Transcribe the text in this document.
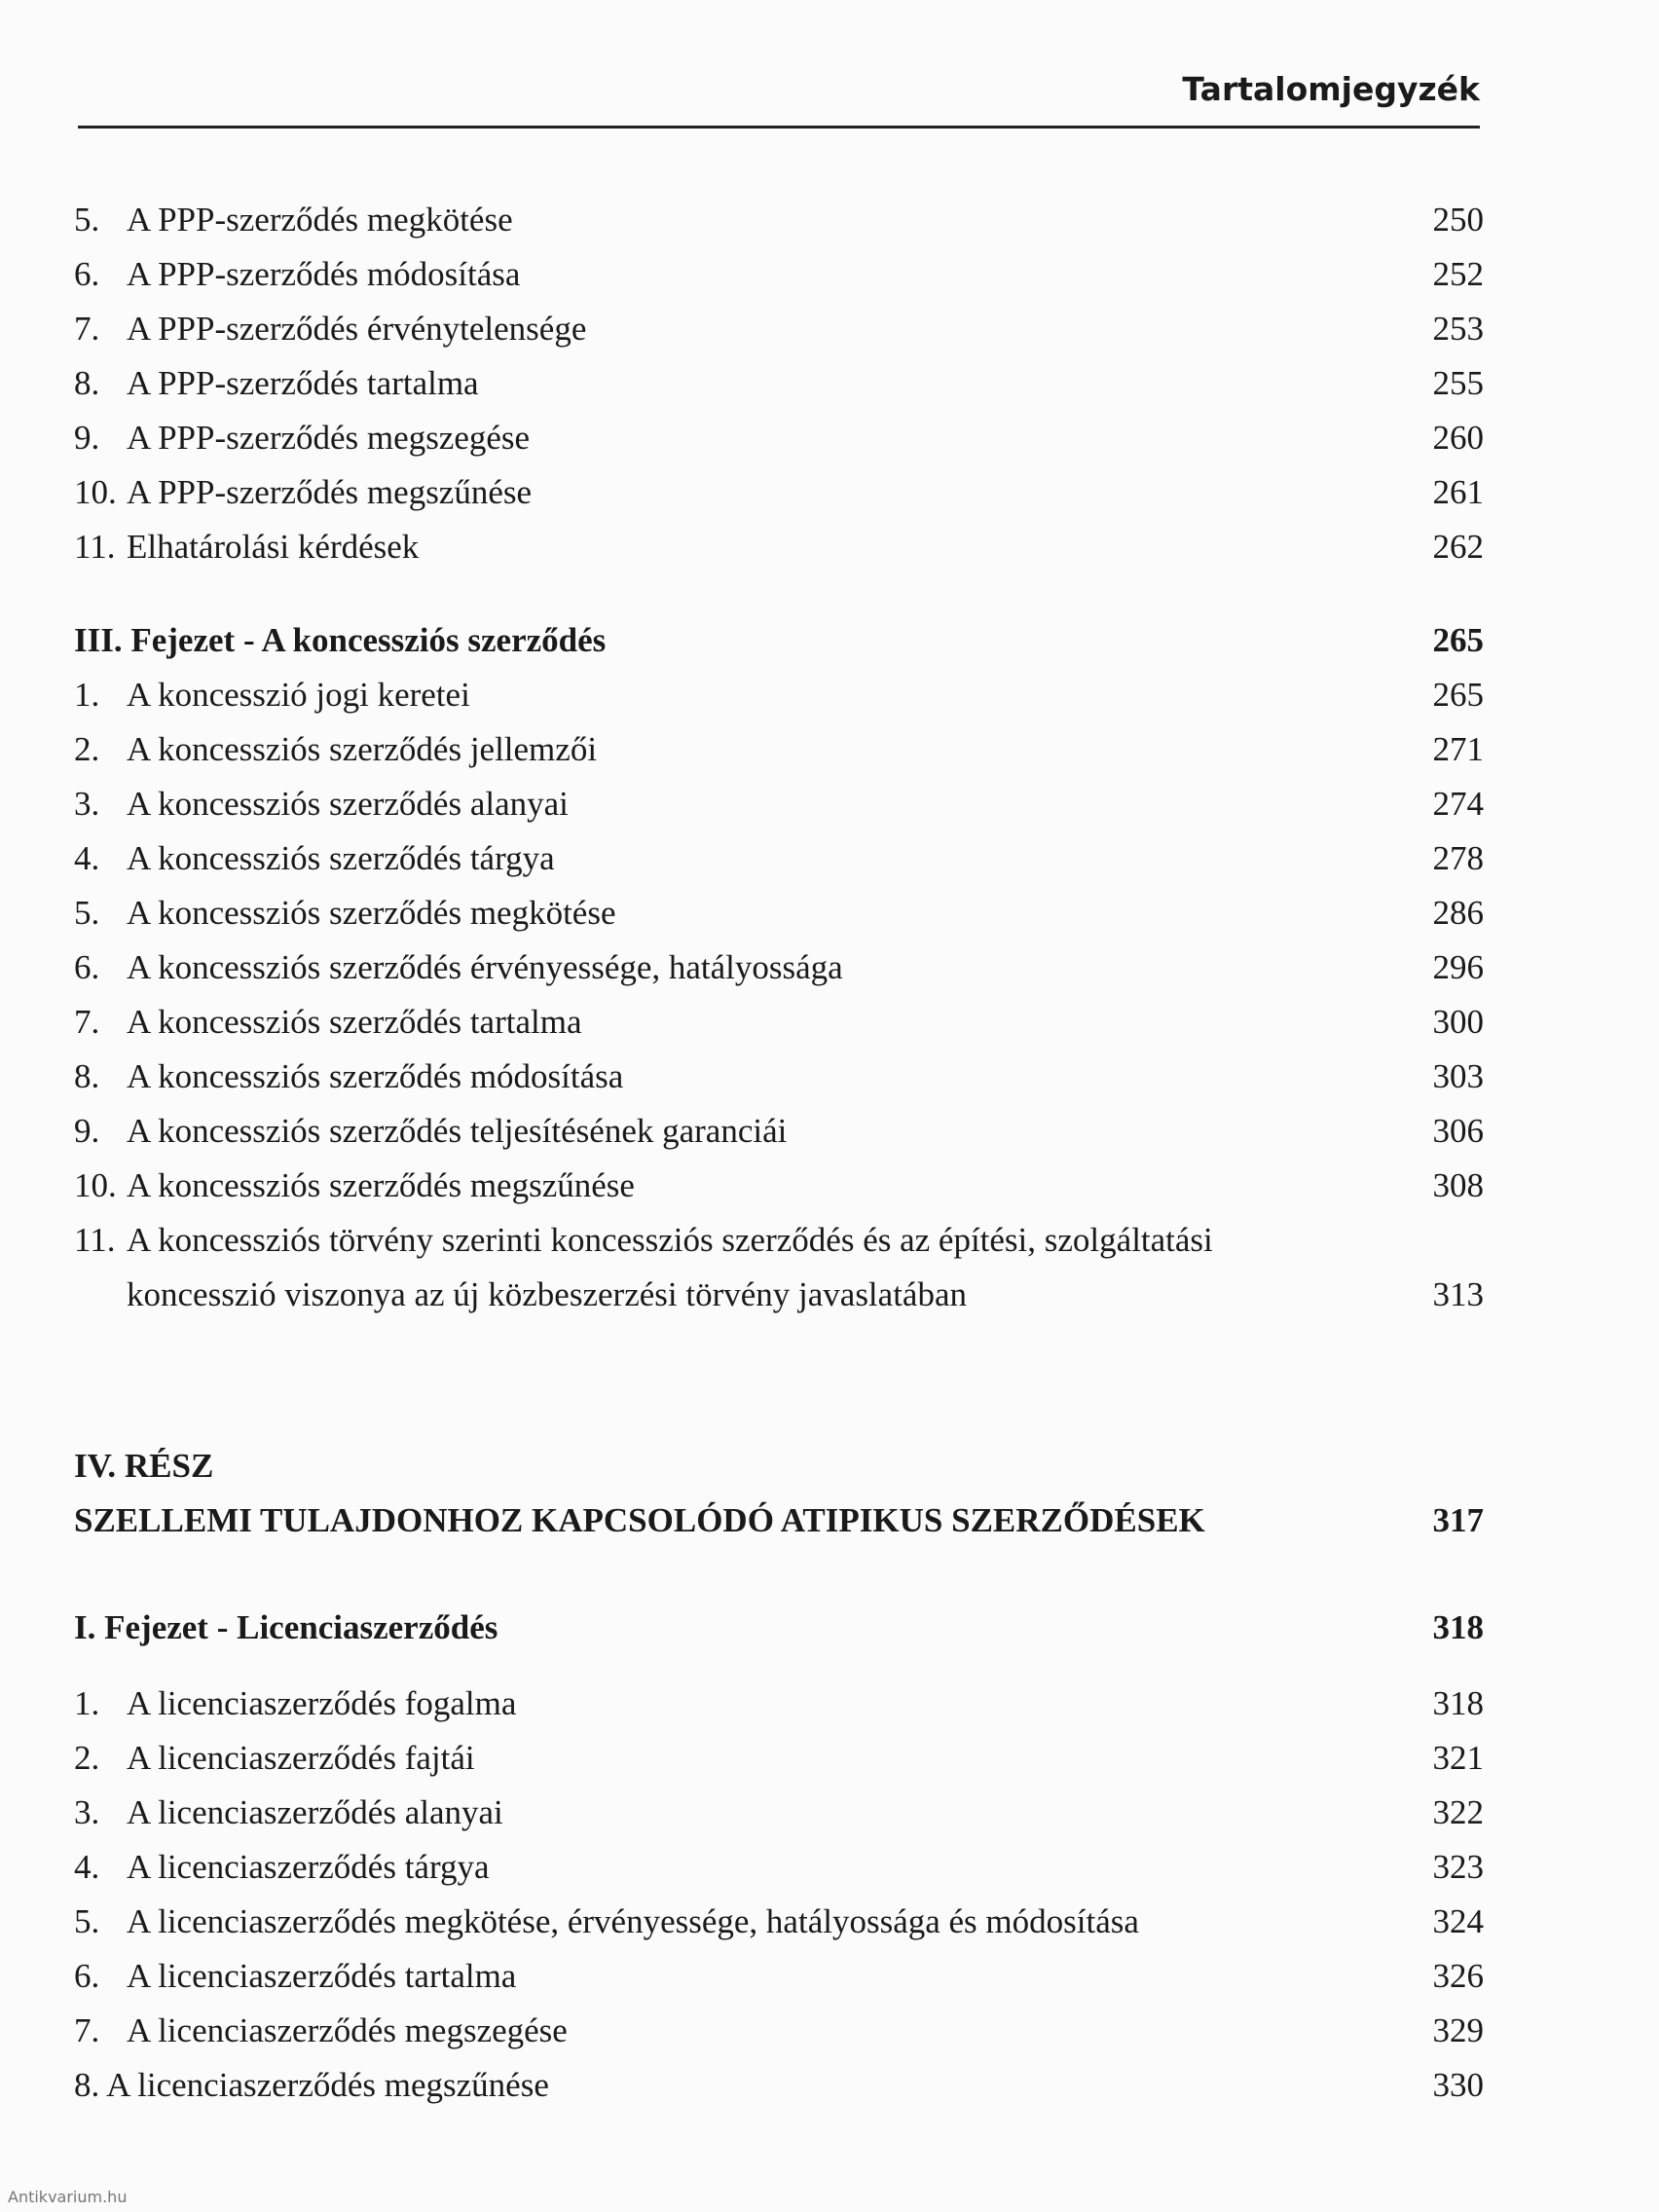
Tartalomjegyzék
5. A PPP-szerződés megkötése	250
6. A PPP-szerződés módosítása	252
7. A PPP-szerződés érvénytelensége	253
8. A PPP-szerződés tartalma	255
9. A PPP-szerződés megszegése	260
10. A PPP-szerződés megszűnése	261
11. Elhatárolási kérdések	262
III. Fejezet - A koncessziós szerződés	265
1. A koncesszió jogi keretei	265
2. A koncessziós szerződés jellemzői	271
3. A koncessziós szerződés alanyai	274
4. A koncessziós szerződés tárgya	278
5. A koncessziós szerződés megkötése	286
6. A koncessziós szerződés érvényessége, hatályossága	296
7. A koncessziós szerződés tartalma	300
8. A koncessziós szerződés módosítása	303
9. A koncessziós szerződés teljesítésének garanciái	306
10. A koncessziós szerződés megszűnése	308
11. A koncessziós törvény szerinti koncessziós szerződés és az építési, szolgáltatási
koncesszió viszonya az új közbeszerzési törvény javaslatában	313
IV. RÉSZ
SZELLEMI TULAJDONHOZ KAPCSOLÓDÓ ATIPIKUS SZERZŐDÉSEK	317
I. Fejezet - Licenciaszerződés	318
1. A licenciaszerződés fogalma	318
2. A licenciaszerződés fajtái	321
3. A licenciaszerződés alanyai	322
4. A licenciaszerződés tárgya	323
5. A licenciaszerződés megkötése, érvényessége, hatályossága és módosítása	324
6. A licenciaszerződés tartalma	326
7. A licenciaszerződés megszegése	329
8. A licenciaszerződés megszűnése	330
Antikvarium.hu
